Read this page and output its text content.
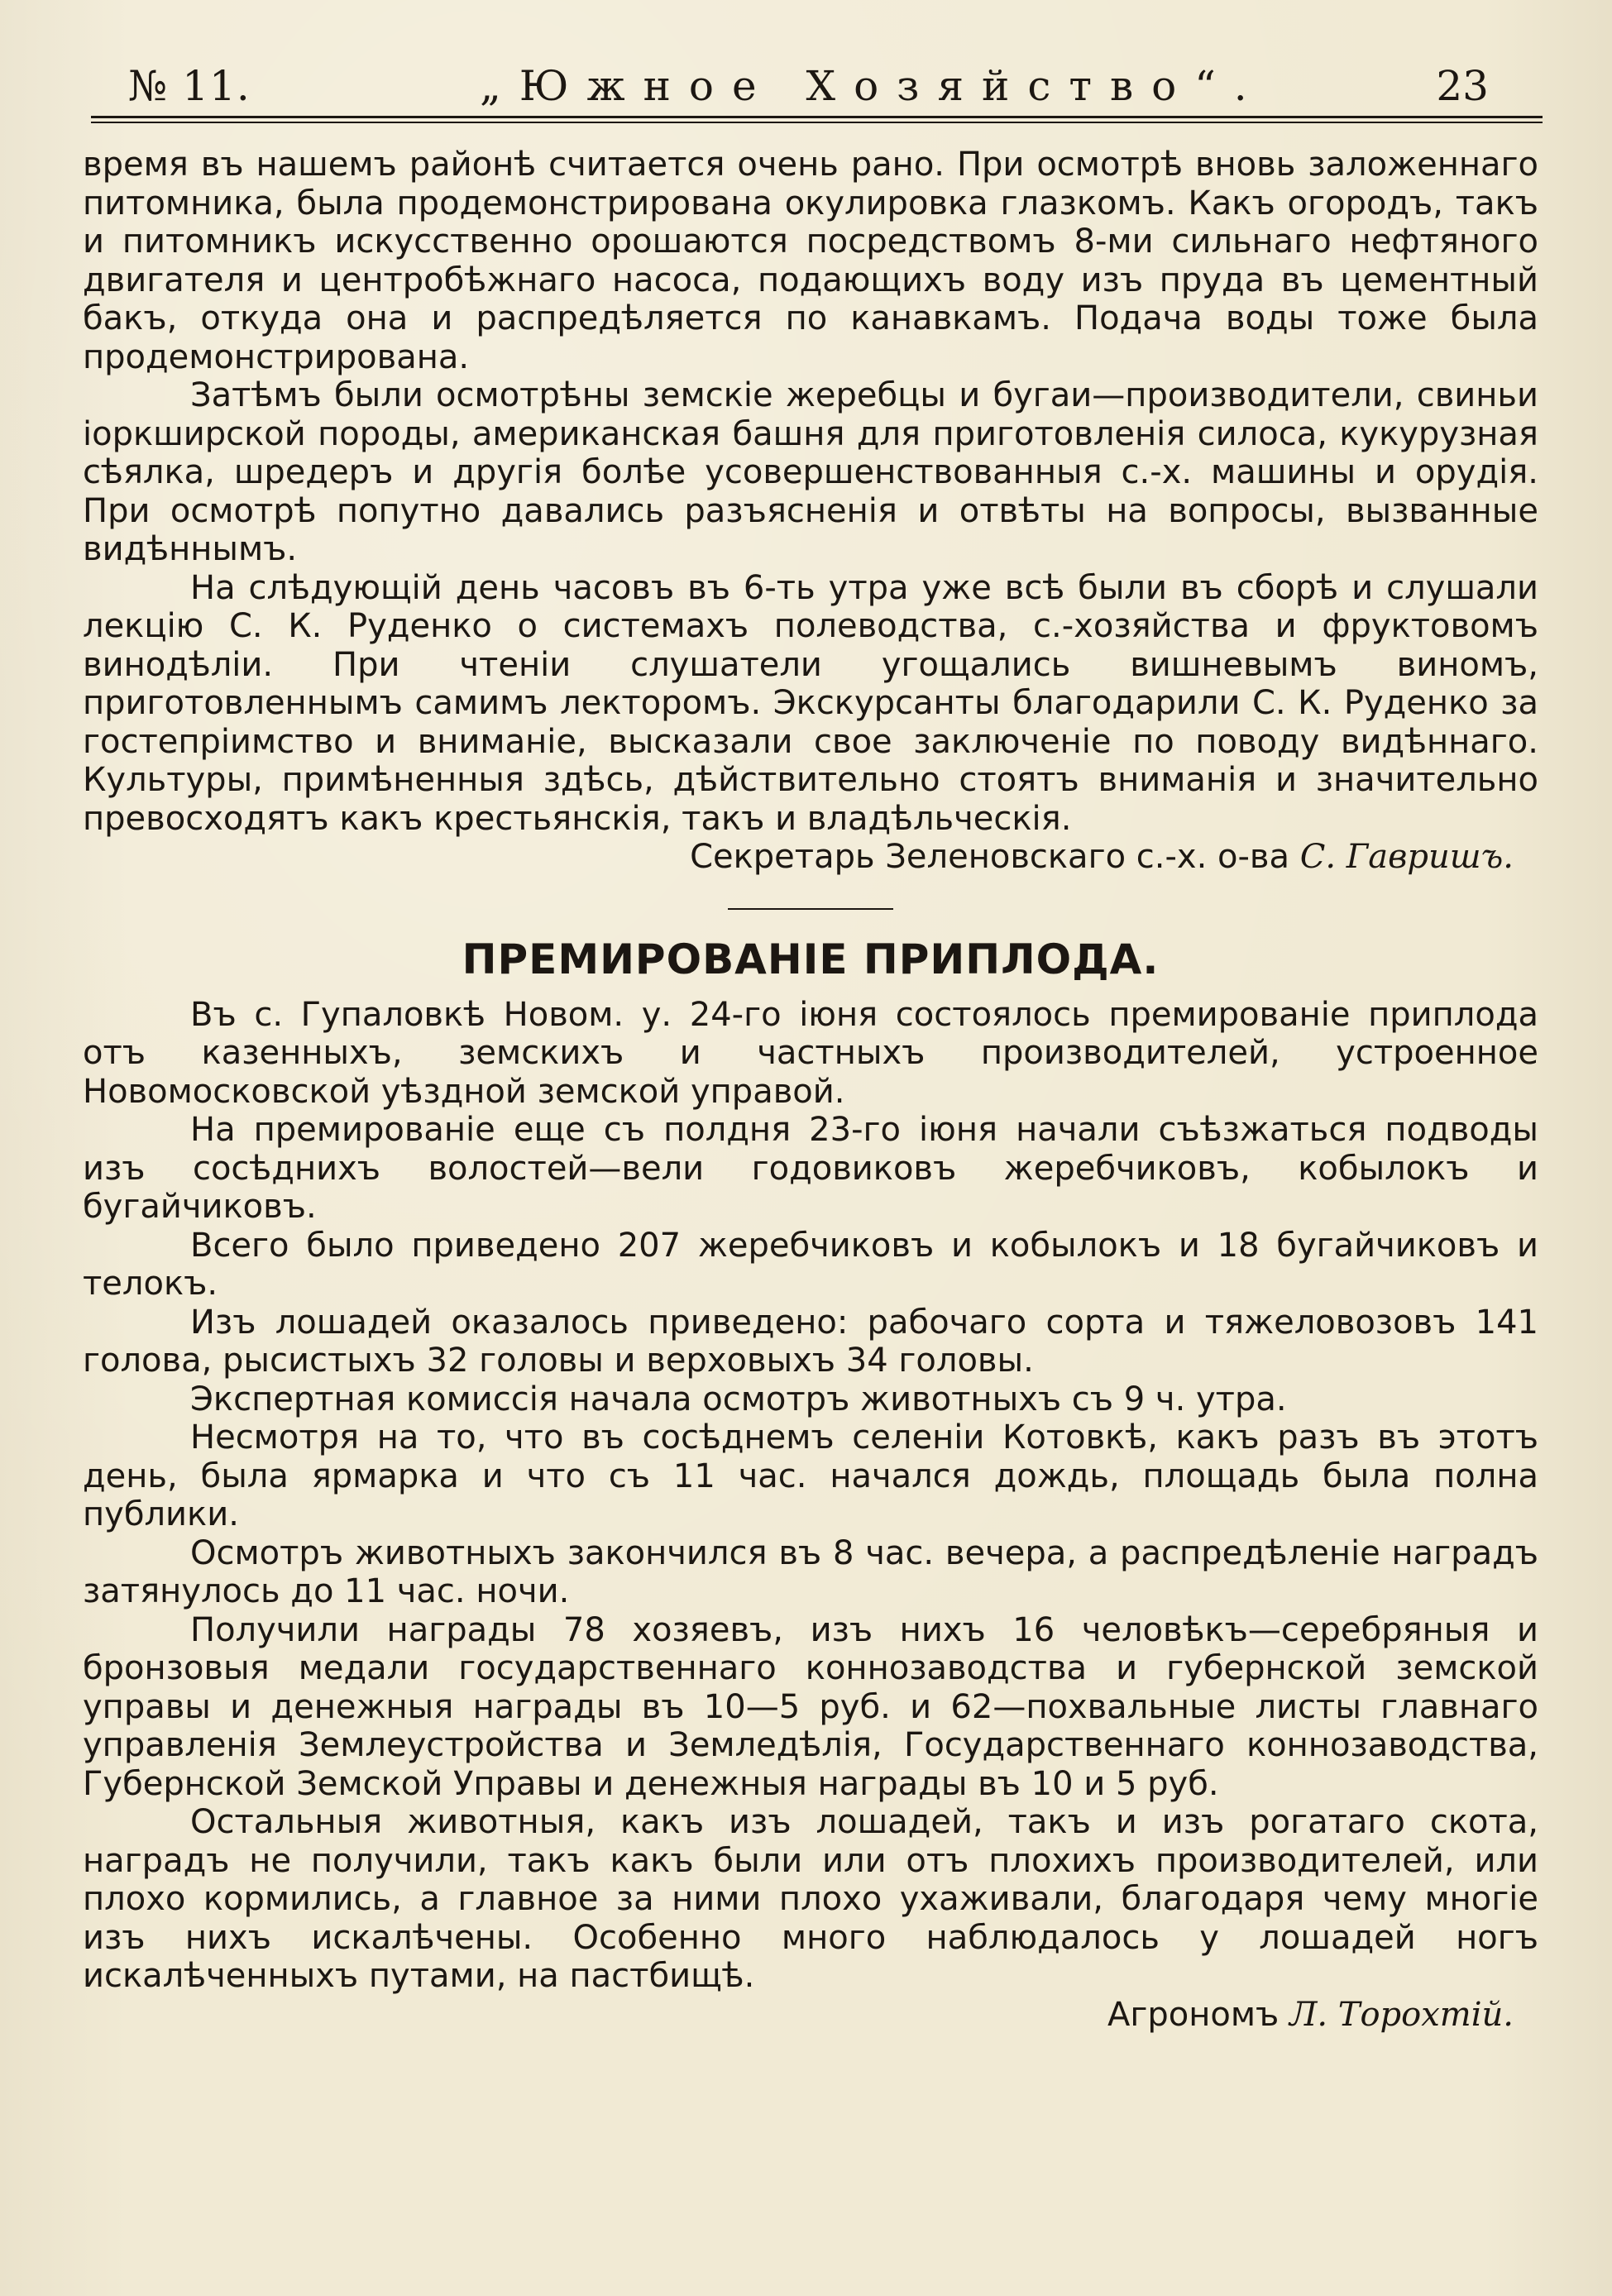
№ 11.	„Южное Хозяйство“.	23

время въ нашемъ районѣ считается очень рано. При осмотрѣ вновь заложеннаго питомника, была продемонстрирована окулировка глазкомъ. Какъ огородъ, такъ и питомникъ искусственно орошаются посредствомъ 8-ми сильнаго нефтяного двигателя и центробѣжнаго насоса, подающихъ воду изъ пруда въ цементный бакъ, откуда она и распредѣляется по канавкамъ. Подача воды тоже была продемонстрирована.

Затѣмъ были осмотрѣны земскіе жеребцы и бугаи—производители, свиньи іоркширской породы, американская башня для приготовленія силоса, кукурузная сѣялка, шредеръ и другія болѣе усовершенствованныя с.-х. машины и орудія. При осмотрѣ попутно давались разъясненія и отвѣты на вопросы, вызванные видѣннымъ.

На слѣдующій день часовъ въ 6-ть утра уже всѣ были въ сборѣ и слушали лекцію С. К. Руденко о системахъ полеводства, с.-хозяйства и фруктовомъ винодѣліи. При чтеніи слушатели угощались вишневымъ виномъ, приготовленнымъ самимъ лекторомъ. Экскурсанты благодарили С. К. Руденко за гостепріимство и вниманіе, высказали свое заключеніе по поводу видѣннаго. Культуры, примѣненныя здѣсь, дѣйствительно стоятъ вниманія и значительно превосходятъ какъ крестьянскія, такъ и владѣльческія.

Секретарь Зеленовскаго с.-х. о-ва С. Гавришъ.

ПРЕМИРОВАНІЕ ПРИПЛОДА.

Въ с. Гупаловкѣ Новом. у. 24-го іюня состоялось премированіе приплода отъ казенныхъ, земскихъ и частныхъ производителей, устроенное Новомосковской уѣздной земской управой.

На премированіе еще съ полдня 23-го іюня начали съѣзжаться подводы изъ сосѣднихъ волостей—вели годовиковъ жеребчиковъ, кобылокъ и бугайчиковъ.

Всего было приведено 207 жеребчиковъ и кобылокъ и 18 бугайчиковъ и телокъ.

Изъ лошадей оказалось приведено: рабочаго сорта и тяжеловозовъ 141 голова, рысистыхъ 32 головы и верховыхъ 34 головы.

Экспертная комиссія начала осмотръ животныхъ съ 9 ч. утра.

Несмотря на то, что въ сосѣднемъ селеніи Котовкѣ, какъ разъ въ этотъ день, была ярмарка и что съ 11 час. начался дождь, площадь была полна публики.

Осмотръ животныхъ закончился въ 8 час. вечера, а распредѣленіе наградъ затянулось до 11 час. ночи.

Получили награды 78 хозяевъ, изъ нихъ 16 человѣкъ—серебряныя и бронзовыя медали государственнаго коннозаводства и губернской земской управы и денежныя награды въ 10—5 руб. и 62—похвальные листы главнаго управленія Землеустройства и Земледѣлія, Государственнаго коннозаводства, Губернской Земской Управы и денежныя награды въ 10 и 5 руб.

Остальныя животныя, какъ изъ лошадей, такъ и изъ рогатаго скота, наградъ не получили, такъ какъ были или отъ плохихъ производителей, или плохо кормились, а главное за ними плохо ухаживали, благодаря чему многіе изъ нихъ искалѣчены. Особенно много наблюдалось у лошадей ногъ искалѣченныхъ путами, на пастбищѣ.

Агрономъ Л. Торохтій.
